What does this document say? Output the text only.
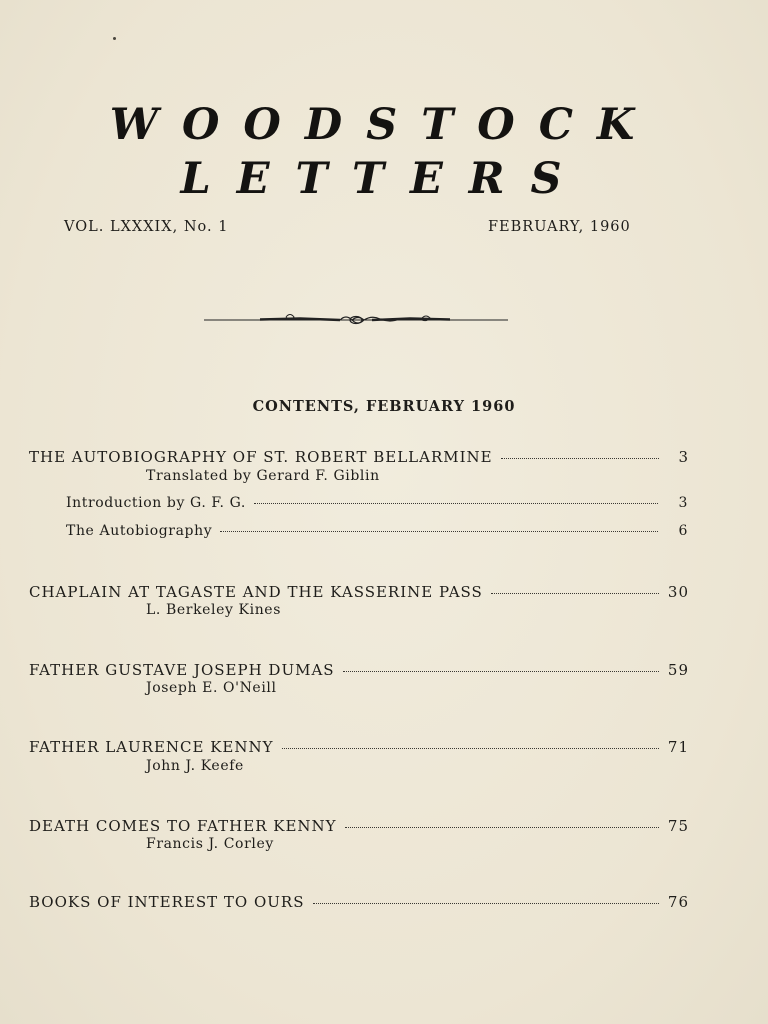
WOODSTOCK
LETTERS
VOL. LXXXIX, No. 1	FEBRUARY, 1960
CONTENTS, FEBRUARY 1960
THE AUTOBIOGRAPHY OF ST. ROBERT BELLARMINE	3
Translated by Gerard F. Giblin
Introduction by G. F. G.	3
The Autobiography	6
CHAPLAIN AT TAGASTE AND THE KASSERINE PASS	30
L. Berkeley Kines
FATHER GUSTAVE JOSEPH DUMAS	59
Joseph E. O'Neill
FATHER LAURENCE KENNY	71
John J. Keefe
DEATH COMES TO FATHER KENNY	75
Francis J. Corley
BOOKS OF INTEREST TO OURS	76
